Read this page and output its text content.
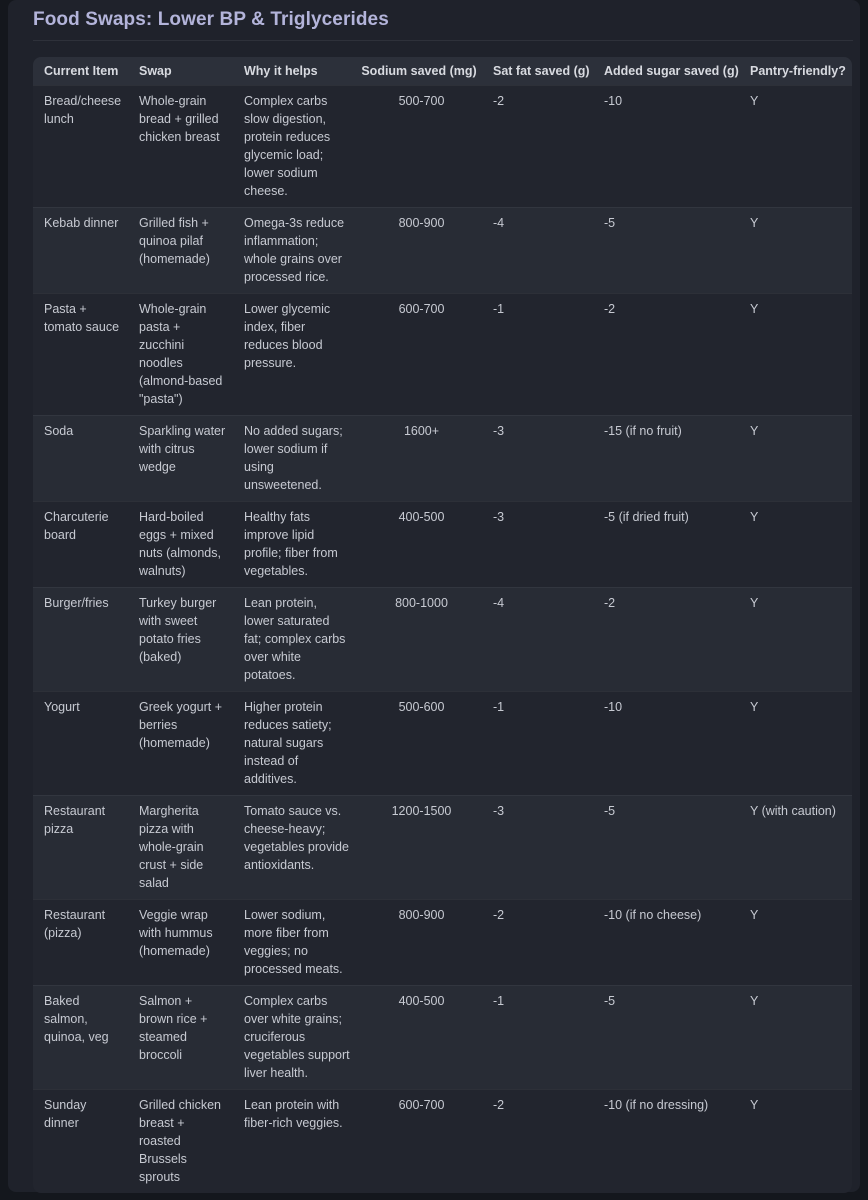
Food Swaps: Lower BP & Triglycerides
Current Item	Swap	Why it helps	Sodium saved (mg)	Sat fat saved (g)	Added sugar saved (g)	Pantry-friendly?
Bread/cheese lunch	Whole-grain bread + grilled chicken breast	Complex carbs slow digestion, protein reduces glycemic load; lower sodium cheese.	500-700	-2	-10	Y
Kebab dinner	Grilled fish + quinoa pilaf (homemade)	Omega-3s reduce inflammation; whole grains over processed rice.	800-900	-4	-5	Y
Pasta + tomato sauce	Whole-grain pasta + zucchini noodles (almond-based "pasta")	Lower glycemic index, fiber reduces blood pressure.	600-700	-1	-2	Y
Soda	Sparkling water with citrus wedge	No added sugars; lower sodium if using unsweetened.	1600+	-3	-15 (if no fruit)	Y
Charcuterie board	Hard-boiled eggs + mixed nuts (almonds, walnuts)	Healthy fats improve lipid profile; fiber from vegetables.	400-500	-3	-5 (if dried fruit)	Y
Burger/fries	Turkey burger with sweet potato fries (baked)	Lean protein, lower saturated fat; complex carbs over white potatoes.	800-1000	-4	-2	Y
Yogurt	Greek yogurt + berries (homemade)	Higher protein reduces satiety; natural sugars instead of additives.	500-600	-1	-10	Y
Restaurant pizza	Margherita pizza with whole-grain crust + side salad	Tomato sauce vs. cheese-heavy; vegetables provide antioxidants.	1200-1500	-3	-5	Y (with caution)
Restaurant (pizza)	Veggie wrap with hummus (homemade)	Lower sodium, more fiber from veggies; no processed meats.	800-900	-2	-10 (if no cheese)	Y
Baked salmon, quinoa, veg	Salmon + brown rice + steamed broccoli	Complex carbs over white grains; cruciferous vegetables support liver health.	400-500	-1	-5	Y
Sunday dinner	Grilled chicken breast + roasted Brussels sprouts	Lean protein with fiber-rich veggies.	600-700	-2	-10 (if no dressing)	Y
